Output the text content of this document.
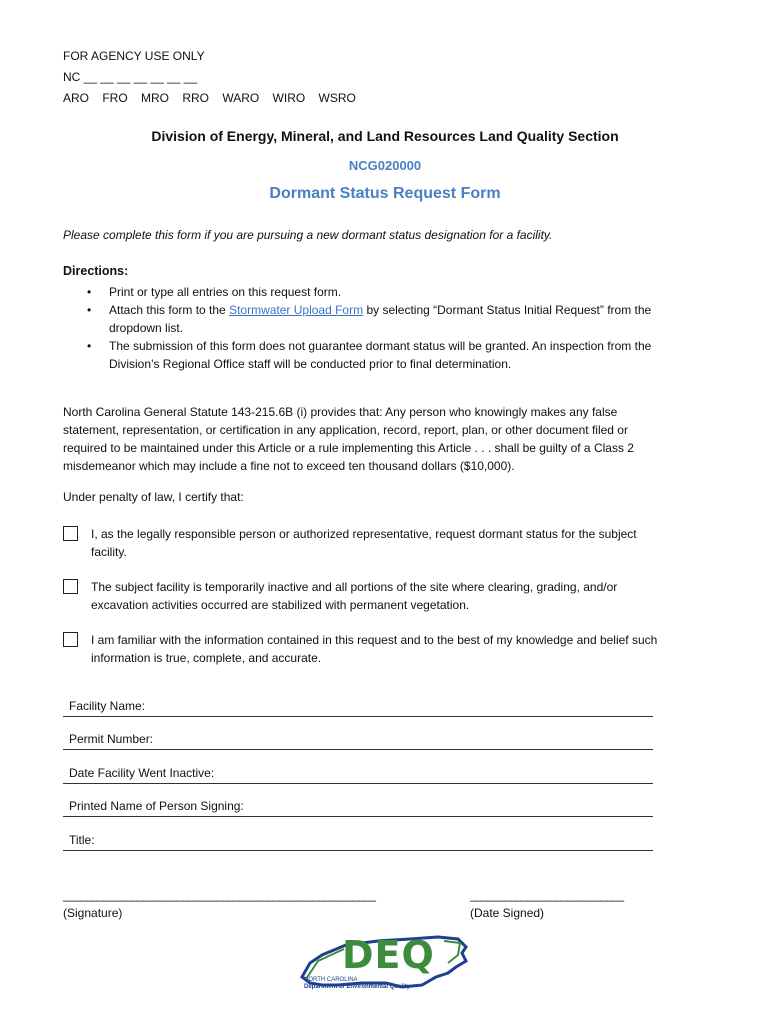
FOR AGENCY USE ONLY
NC __ __ __ __ __ __ __
ARO    FRO    MRO    RRO    WARO    WIRO    WSRO
Division of Energy, Mineral, and Land Resources Land Quality Section
NCG020000
Dormant Status Request Form
Please complete this form if you are pursuing a new dormant status designation for a facility.
Directions:
• Print or type all entries on this request form.
• Attach this form to the Stormwater Upload Form by selecting “Dormant Status Initial Request” from the
dropdown list.
• The submission of this form does not guarantee dormant status will be granted. An inspection from the
Division’s Regional Office staff will be conducted prior to final determination.
North Carolina General Statute 143-215.6B (i) provides that: Any person who knowingly makes any false
statement, representation, or certification in any application, record, report, plan, or other document filed or
required to be maintained under this Article or a rule implementing this Article . . . shall be guilty of a Class 2
misdemeanor which may include a fine not to exceed ten thousand dollars ($10,000).
Under penalty of law, I certify that:
I, as the legally responsible person or authorized representative, request dormant status for the subject
facility.
The subject facility is temporarily inactive and all portions of the site where clearing, grading, and/or
excavation activities occurred are stabilized with permanent vegetation.
I am familiar with the information contained in this request and to the best of my knowledge and belief such
information is true, complete, and accurate.
Facility Name:
Permit Number:
Date Facility Went Inactive:
Printed Name of Person Signing:
Title:
_______________________________________________________
(Signature)
___________________________
(Date Signed)
DEQ
NORTH CAROLINA
Department of Environmental Quality
